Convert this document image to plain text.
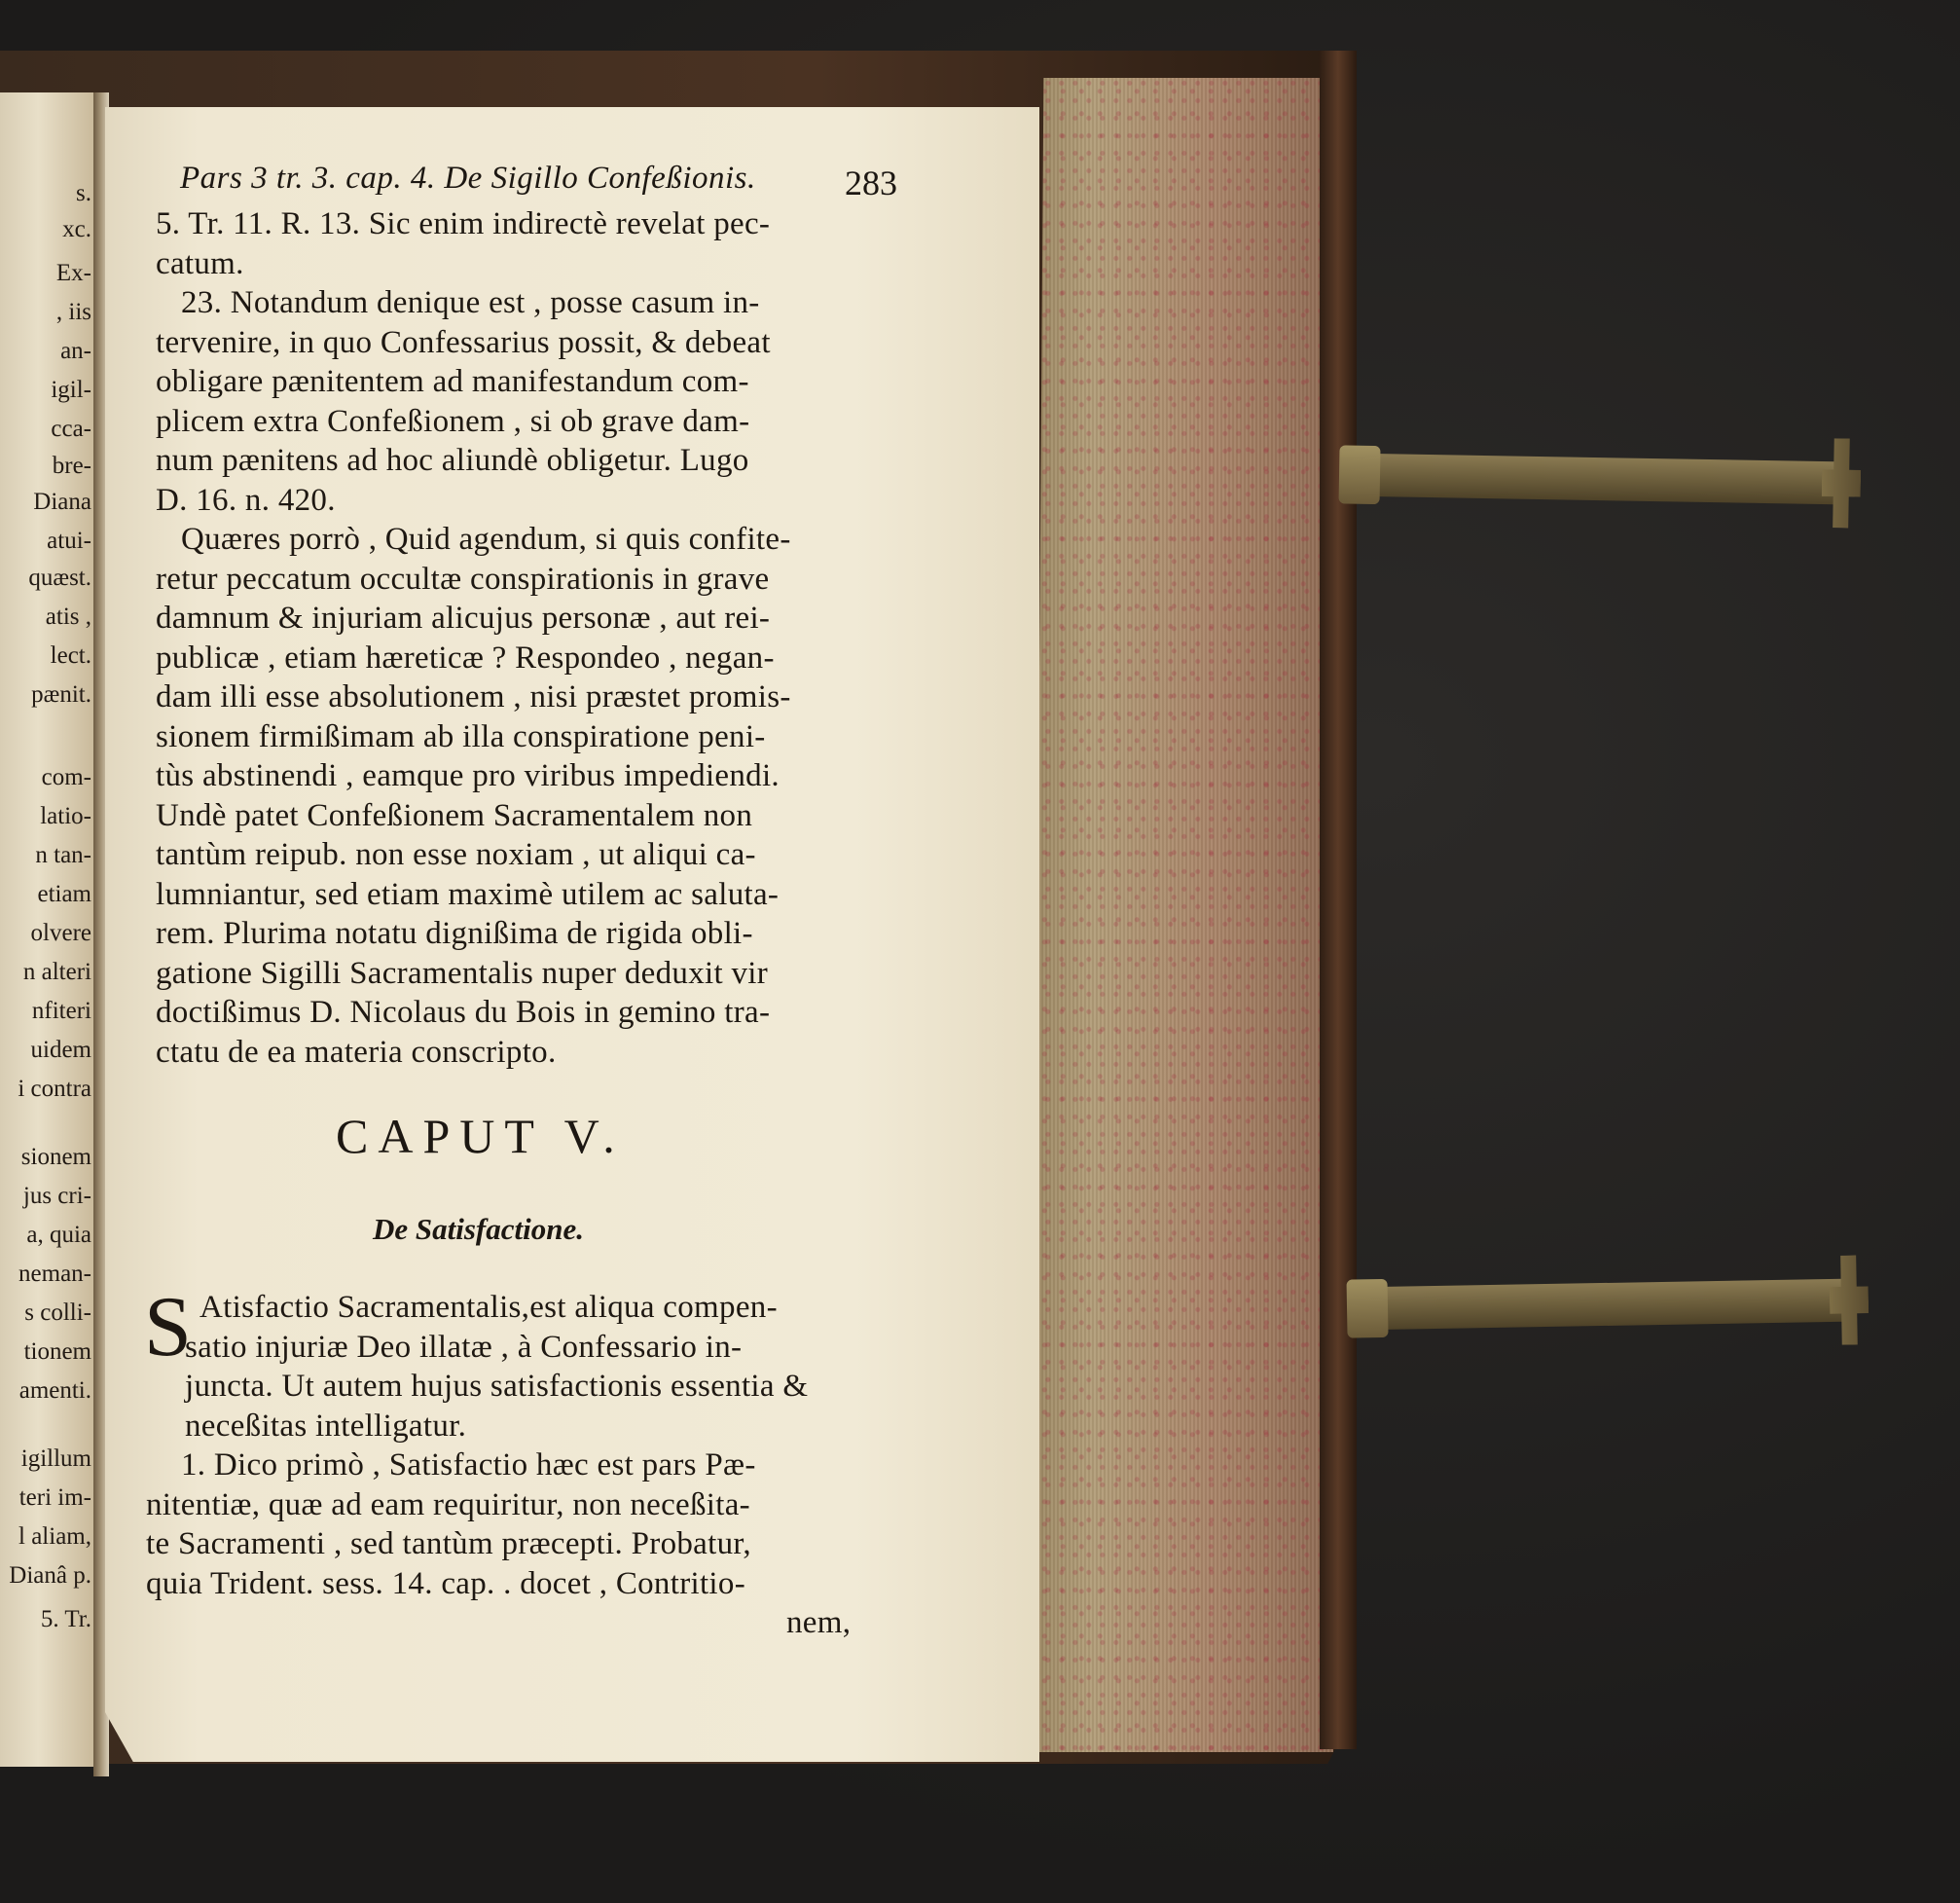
s.
xc.
Ex-
, iis
an-
igil-
cca-
bre-
Diana
atui-
quæst.
atis ,
lect.
pænit.
com-
latio-
n tan-
etiam
olvere
n alteri
nfiteri
uidem
i contra
sionem
jus cri-
a, quia
neman-
s colli-
tionem
amenti.
igillum
teri im-
l aliam,
Dianâ p.
5. Tr.
Pars 3 tr. 3. cap. 4. De Sigillo Confeßionis.	283
5. Tr. 11. R. 13. Sic enim indirectè revelat pec-
catum.
23. Notandum denique est , posse casum in-
tervenire, in quo Confessarius possit, & debeat
obligare pænitentem ad manifestandum com-
plicem extra Confeßionem , si ob grave dam-
num pænitens ad hoc aliundè obligetur. Lugo
D. 16. n. 420.
Quæres porrò , Quid agendum, si quis confite-
retur peccatum occultæ conspirationis in grave
damnum & injuriam alicujus personæ , aut rei-
publicæ , etiam hæreticæ ? Respondeo , negan-
dam illi esse absolutionem , nisi præstet promis-
sionem firmißimam ab illa conspiratione peni-
tùs abstinendi , eamque pro viribus impediendi.
Undè patet Confeßionem Sacramentalem non
tantùm reipub. non esse noxiam , ut aliqui ca-
lumniantur, sed etiam maximè utilem ac saluta-
rem. Plurima notatu dignißima de rigida obli-
gatione Sigilli Sacramentalis nuper deduxit vir
doctißimus D. Nicolaus du Bois in gemino tra-
ctatu de ea materia conscripto.
CAPUT V.
De Satisfactione.
S Atisfactio Sacramentalis,est aliqua compen-
satio injuriæ Deo illatæ , à Confessario in-
juncta. Ut autem hujus satisfactionis essentia &
neceßitas intelligatur.
1. Dico primò , Satisfactio hæc est pars Pæ-
nitentiæ, quæ ad eam requiritur, non neceßita-
te Sacramenti , sed tantùm præcepti. Probatur,
quia Trident. sess. 14. cap. . docet , Contritio-
nem,
